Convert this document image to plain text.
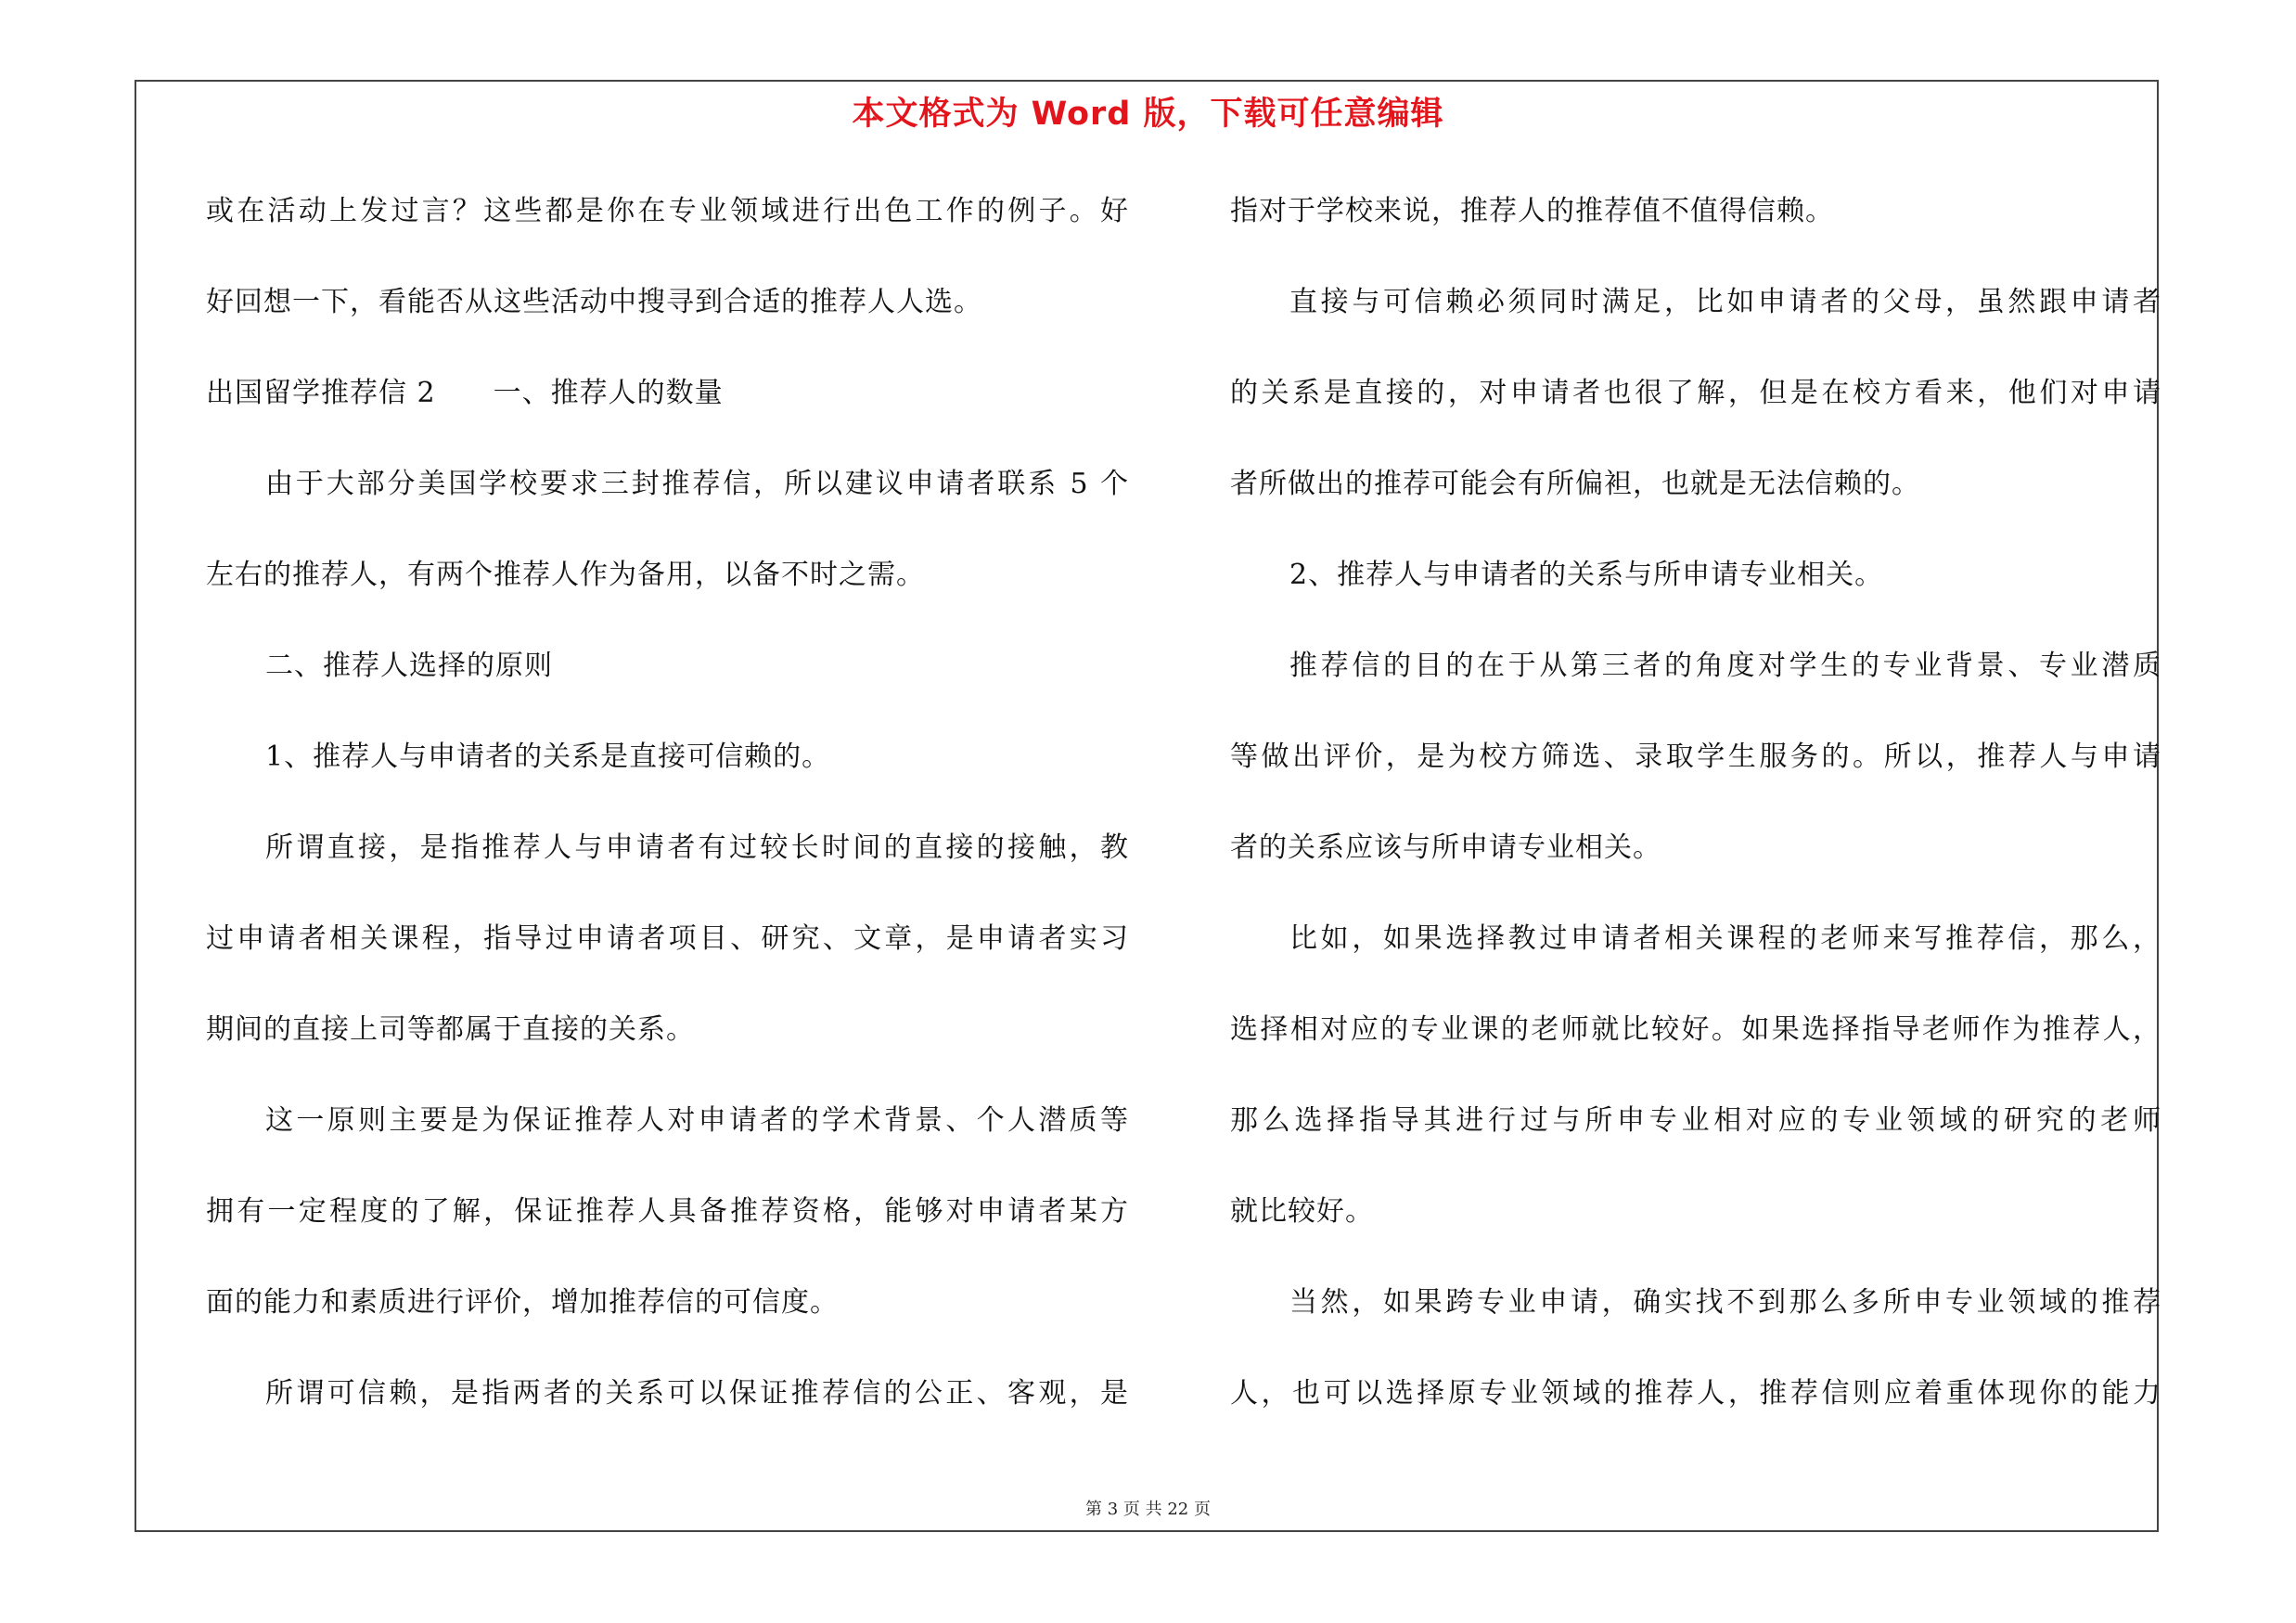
本文格式为 Word 版，下载可任意编辑
或在活动上发过言？这些都是你在专业领域进行出色工作的例子。好
好回想一下，看能否从这些活动中搜寻到合适的推荐人人选。
出国留学推荐信 2　　一、推荐人的数量
由于大部分美国学校要求三封推荐信，所以建议申请者联系 5 个
左右的推荐人，有两个推荐人作为备用，以备不时之需。
二、推荐人选择的原则
1、推荐人与申请者的关系是直接可信赖的。
所谓直接，是指推荐人与申请者有过较长时间的直接的接触，教
过申请者相关课程，指导过申请者项目、研究、文章，是申请者实习
期间的直接上司等都属于直接的关系。
这一原则主要是为保证推荐人对申请者的学术背景、个人潜质等
拥有一定程度的了解，保证推荐人具备推荐资格，能够对申请者某方
面的能力和素质进行评价，增加推荐信的可信度。
所谓可信赖，是指两者的关系可以保证推荐信的公正、客观，是
指对于学校来说，推荐人的推荐值不值得信赖。
直接与可信赖必须同时满足，比如申请者的父母，虽然跟申请者
的关系是直接的，对申请者也很了解，但是在校方看来，他们对申请
者所做出的推荐可能会有所偏袒，也就是无法信赖的。
2、推荐人与申请者的关系与所申请专业相关。
推荐信的目的在于从第三者的角度对学生的专业背景、专业潜质
等做出评价，是为校方筛选、录取学生服务的。所以，推荐人与申请
者的关系应该与所申请专业相关。
比如，如果选择教过申请者相关课程的老师来写推荐信，那么，
选择相对应的专业课的老师就比较好。如果选择指导老师作为推荐人，
那么选择指导其进行过与所申专业相对应的专业领域的研究的老师
就比较好。
当然，如果跨专业申请，确实找不到那么多所申专业领域的推荐
人，也可以选择原专业领域的推荐人，推荐信则应着重体现你的能力
第 3 页 共 22 页
